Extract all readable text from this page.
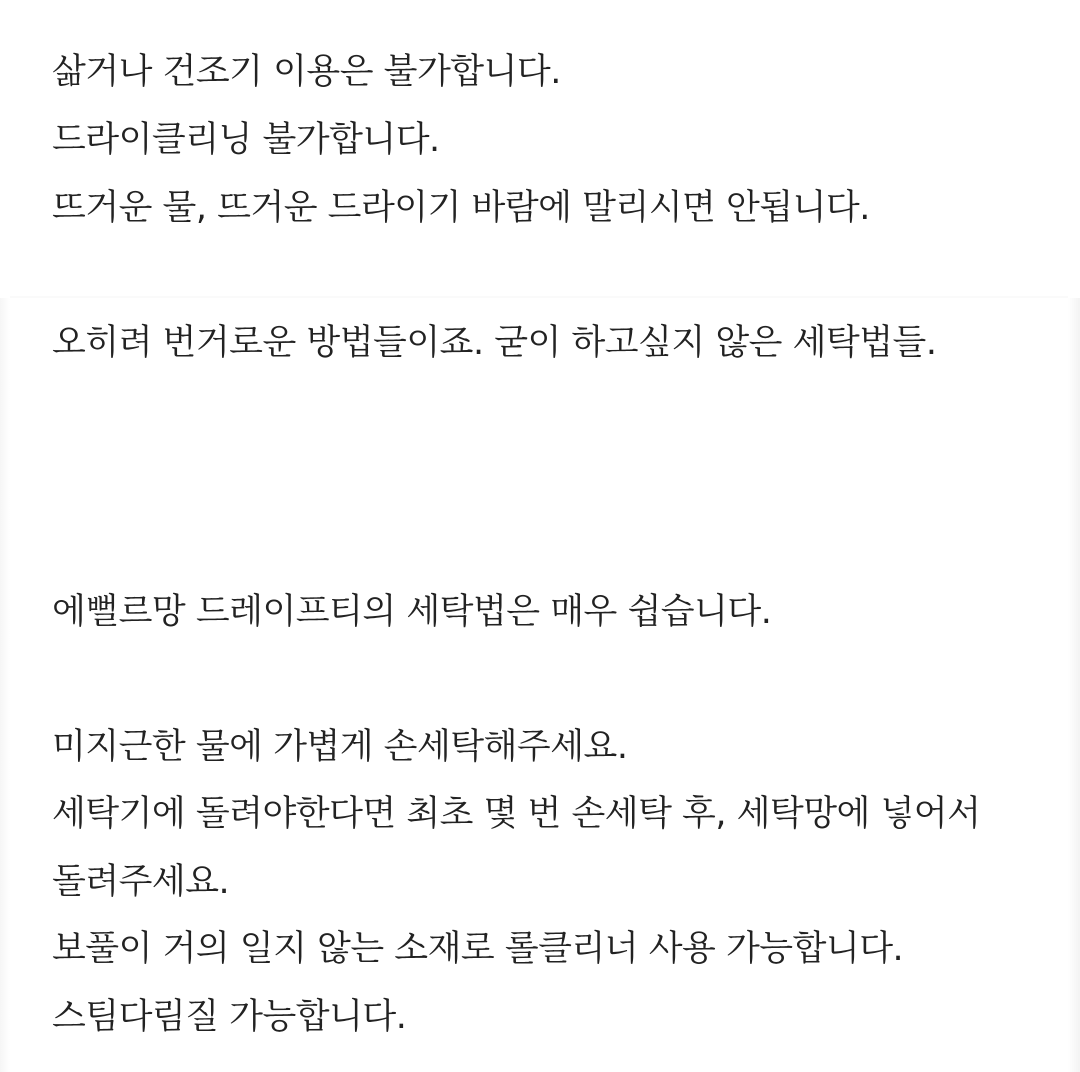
삶거나 건조기 이용은 불가합니다.

드라이클리닝 불가합니다.

뜨거운 물, 뜨거운 드라이기 바람에 말리시면 안됩니다.

오히려 번거로운 방법들이죠. 굳이 하고싶지 않은 세탁법들.

에뻘르망 드레이프티의 세탁법은 매우 쉽습니다.

미지근한 물에 가볍게 손세탁해주세요.

세탁기에 돌려야한다면 최초 몇 번 손세탁 후, 세탁망에 넣어서

돌려주세요.

보풀이 거의 일지 않는 소재로 롤클리너 사용 가능합니다.

스팀다림질 가능합니다.
